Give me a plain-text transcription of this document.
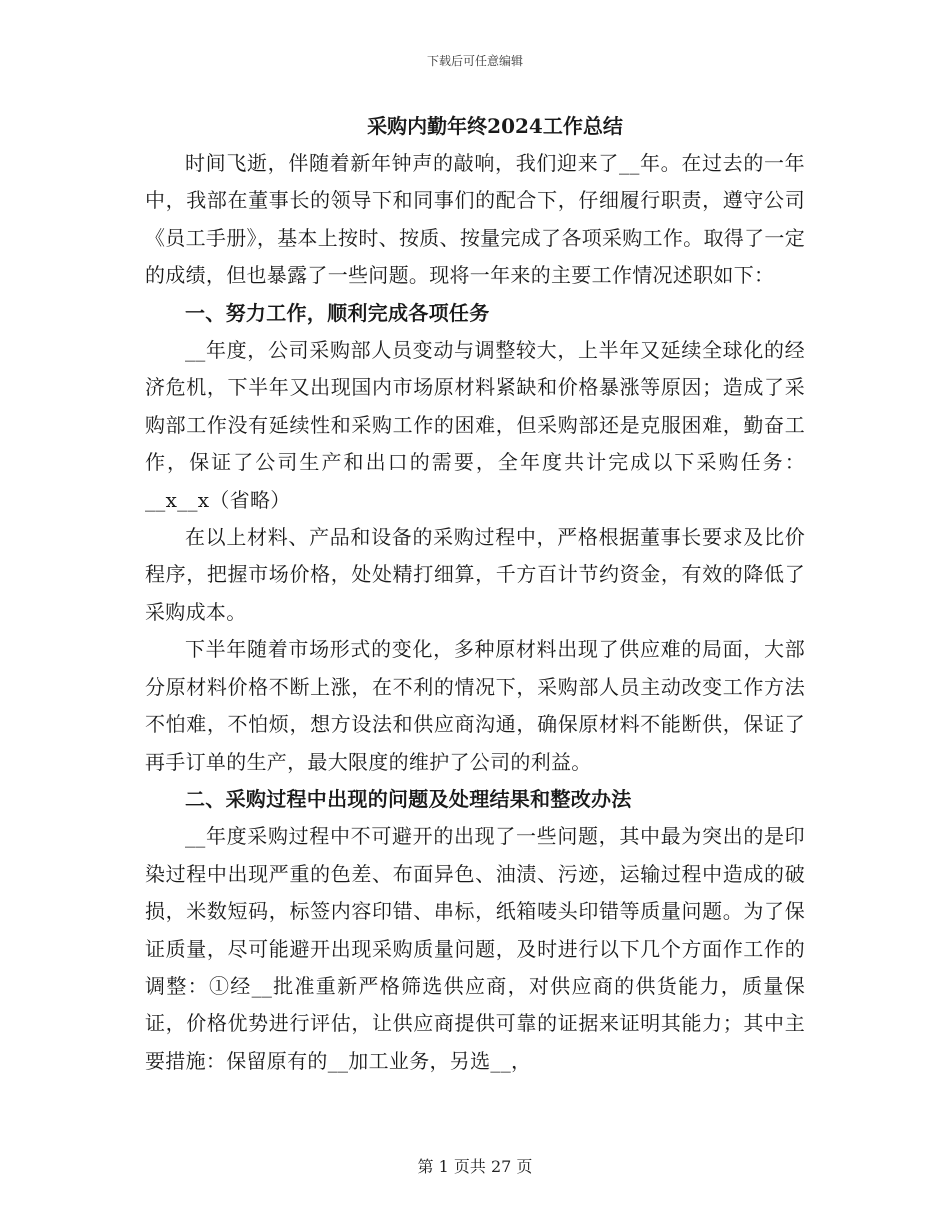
下载后可任意编辑
采购内勤年终2024工作总结

时间飞逝，伴随着新年钟声的敲响，我们迎来了__年。在过去的一年中，我部在董事长的领导下和同事们的配合下，仔细履行职责，遵守公司《员工手册》，基本上按时、按质、按量完成了各项采购工作。取得了一定的成绩，但也暴露了一些问题。现将一年来的主要工作情况述职如下：

一、努力工作，顺利完成各项任务

__年度，公司采购部人员变动与调整较大，上半年又延续全球化的经济危机，下半年又出现国内市场原材料紧缺和价格暴涨等原因；造成了采购部工作没有延续性和采购工作的困难，但采购部还是克服困难，勤奋工作，保证了公司生产和出口的需要，全年度共计完成以下采购任务：__x__x（省略）

在以上材料、产品和设备的采购过程中，严格根据董事长要求及比价程序，把握市场价格，处处精打细算，千方百计节约资金，有效的降低了采购成本。

下半年随着市场形式的变化，多种原材料出现了供应难的局面，大部分原材料价格不断上涨，在不利的情况下，采购部人员主动改变工作方法不怕难，不怕烦，想方设法和供应商沟通，确保原材料不能断供，保证了再手订单的生产，最大限度的维护了公司的利益。

二、采购过程中出现的问题及处理结果和整改办法

__年度采购过程中不可避开的出现了一些问题，其中最为突出的是印染过程中出现严重的色差、布面异色、油渍、污迹，运输过程中造成的破损，米数短码，标签内容印错、串标，纸箱唛头印错等质量问题。为了保证质量，尽可能避开出现采购质量问题，及时进行以下几个方面作工作的调整：①经__批准重新严格筛选供应商，对供应商的供货能力，质量保证，价格优势进行评估，让供应商提供可靠的证据来证明其能力；其中主要措施：保留原有的__加工业务，另选__，

第 1 页共 27 页
